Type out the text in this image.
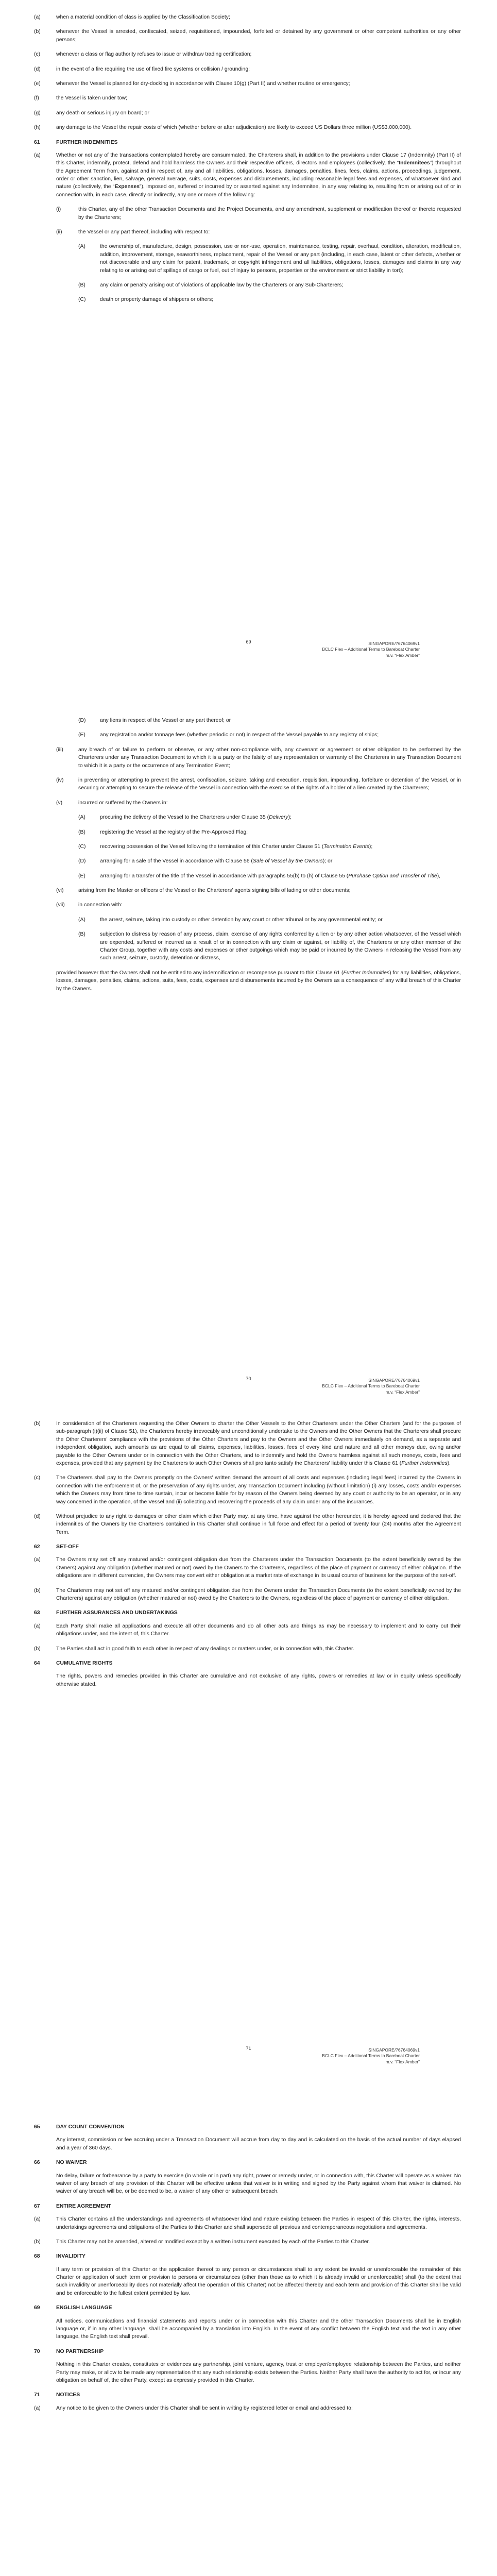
(a)	when a material condition of class is applied by the Classification Society;
(b)	whenever the Vessel is arrested, confiscated, seized, requisitioned, impounded, forfeited or detained by any government or other competent authorities or any other persons;
(c)	whenever a class or flag authority refuses to issue or withdraw trading certification;
(d)	in the event of a fire requiring the use of fixed fire systems or collision / grounding;
(e)	whenever the Vessel is planned for dry-docking in accordance with Clause 10(g) (Part II) and whether routine or emergency;
(f)	the Vessel is taken under tow;
(g)	any death or serious injury on board; or
(h)	any damage to the Vessel the repair costs of which (whether before or after adjudication) are likely to exceed US Dollars three million (US$3,000,000).
61	FURTHER INDEMNITIES
(a)	Whether or not any of the transactions contemplated hereby are consummated, the Charterers shall, in addition to the provisions under Clause 17 (Indemnity) (Part II) of this Charter, indemnify, protect, defend and hold harmless the Owners and their respective officers, directors and employees (collectively, the “Indemnitees”) throughout the Agreement Term from, against and in respect of, any and all liabilities, obligations, losses, damages, penalties, fines, fees, claims, actions, proceedings, judgement, order or other sanction, lien, salvage, general average, suits, costs, expenses and disbursements, including reasonable legal fees and expenses, of whatsoever kind and nature (collectively, the “Expenses”), imposed on, suffered or incurred by or asserted against any Indemnitee, in any way relating to, resulting from or arising out of or in connection with, in each case, directly or indirectly, any one or more of the following:
(i)	this Charter, any of the other Transaction Documents and the Project Documents, and any amendment, supplement or modification thereof or thereto requested by the Charterers;
(ii)	the Vessel or any part thereof, including with respect to:
(A)	the ownership of, manufacture, design, possession, use or non-use, operation, maintenance, testing, repair, overhaul, condition, alteration, modification, addition, improvement, storage, seaworthiness, replacement, repair of the Vessel or any part (including, in each case, latent or other defects, whether or not discoverable and any claim for patent, trademark, or copyright infringement and all liabilities, obligations, losses, damages and claims in any way relating to or arising out of spillage of cargo or fuel, out of injury to persons, properties or the environment or strict liability in tort);
(B)	any claim or penalty arising out of violations of applicable law by the Charterers or any Sub-Charterers;
(C)	death or property damage of shippers or others;
69	SINGAPORE/76764069v1
BCLC Flex – Additional Terms to Bareboat Charter
m.v. “Flex Amber”
(D)	any liens in respect of the Vessel or any part thereof; or
(E)	any registration and/or tonnage fees (whether periodic or not) in respect of the Vessel payable to any registry of ships;
(iii)	any breach of or failure to perform or observe, or any other non-compliance with, any covenant or agreement or other obligation to be performed by the Charterers under any Transaction Document to which it is a party or the falsity of any representation or warranty of the Charterers in any Transaction Document to which it is a party or the occurrence of any Termination Event;
(iv)	in preventing or attempting to prevent the arrest, confiscation, seizure, taking and execution, requisition, impounding, forfeiture or detention of the Vessel, or in securing or attempting to secure the release of the Vessel in connection with the exercise of the rights of a holder of a lien created by the Charterers;
(v)	incurred or suffered by the Owners in:
(A)	procuring the delivery of the Vessel to the Charterers under Clause 35 (Delivery);
(B)	registering the Vessel at the registry of the Pre-Approved Flag;
(C)	recovering possession of the Vessel following the termination of this Charter under Clause 51 (Termination Events);
(D)	arranging for a sale of the Vessel in accordance with Clause 56 (Sale of Vessel by the Owners); or
(E)	arranging for a transfer of the title of the Vessel in accordance with paragraphs 55(b) to (h) of Clause 55 (Purchase Option and Transfer of Title),
(vi)	arising from the Master or officers of the Vessel or the Charterers' agents signing bills of lading or other documents;
(vii)	in connection with:
(A)	the arrest, seizure, taking into custody or other detention by any court or other tribunal or by any governmental entity; or
(B)	subjection to distress by reason of any process, claim, exercise of any rights conferred by a lien or by any other action whatsoever, of the Vessel which are expended, suffered or incurred as a result of or in connection with any claim or against, or liability of, the Charterers or any other member of the Charter Group, together with any costs and expenses or other outgoings which may be paid or incurred by the Owners in releasing the Vessel from any such arrest, seizure, custody, detention or distress,
provided however that the Owners shall not be entitled to any indemnification or recompense pursuant to this Clause 61 (Further Indemnities) for any liabilities, obligations, losses, damages, penalties, claims, actions, suits, fees, costs, expenses and disbursements incurred by the Owners as a consequence of any wilful breach of this Charter by the Owners.
70	SINGAPORE/76764069v1
BCLC Flex – Additional Terms to Bareboat Charter
m.v. “Flex Amber”
(b)	In consideration of the Charterers requesting the Other Owners to charter the Other Vessels to the Other Charterers under the Other Charters (and for the purposes of sub-paragraph (i)(ii) of Clause 51), the Charterers hereby irrevocably and unconditionally undertake to the Owners and the Other Owners that the Charterers shall procure the Other Charterers' compliance with the provisions of the Other Charters and pay to the Owners and the Other Owners immediately on demand, as a separate and independent obligation, such amounts as are equal to all claims, expenses, liabilities, losses, fees of every kind and nature and all other moneys due, owing and/or payable to the Other Owners under or in connection with the Other Charters, and to indemnify and hold the Owners harmless against all such moneys, costs, fees and expenses, provided that any payment by the Charterers to such Other Owners shall pro tanto satisfy the Charterers' liability under this Clause 61 (Further Indemnities).
(c)	The Charterers shall pay to the Owners promptly on the Owners' written demand the amount of all costs and expenses (including legal fees) incurred by the Owners in connection with the enforcement of, or the preservation of any rights under, any Transaction Document including (without limitation) (i) any losses, costs and/or expenses which the Owners may from time to time sustain, incur or become liable for by reason of the Owners being deemed by any court or authority to be an operator, or in any way concerned in the operation, of the Vessel and (ii) collecting and recovering the proceeds of any claim under any of the insurances.
(d)	Without prejudice to any right to damages or other claim which either Party may, at any time, have against the other hereunder, it is hereby agreed and declared that the indemnities of the Owners by the Charterers contained in this Charter shall continue in full force and effect for a period of twenty four (24) months after the Agreement Term.
62	SET-OFF
(a)	The Owners may set off any matured and/or contingent obligation due from the Charterers under the Transaction Documents (to the extent beneficially owned by the Owners) against any obligation (whether matured or not) owed by the Owners to the Charterers, regardless of the place of payment or currency of either obligation. If the obligations are in different currencies, the Owners may convert either obligation at a market rate of exchange in its usual course of business for the purpose of the set-off.
(b)	The Charterers may not set off any matured and/or contingent obligation due from the Owners under the Transaction Documents (to the extent beneficially owned by the Charterers) against any obligation (whether matured or not) owed by the Charterers to the Owners, regardless of the place of payment or currency of either obligation.
63	FURTHER ASSURANCES AND UNDERTAKINGS
(a)	Each Party shall make all applications and execute all other documents and do all other acts and things as may be necessary to implement and to carry out their obligations under, and the intent of, this Charter.
(b)	The Parties shall act in good faith to each other in respect of any dealings or matters under, or in connection with, this Charter.
64	CUMULATIVE RIGHTS
The rights, powers and remedies provided in this Charter are cumulative and not exclusive of any rights, powers or remedies at law or in equity unless specifically otherwise stated.
71	SINGAPORE/76764069v1
BCLC Flex – Additional Terms to Bareboat Charter
m.v. “Flex Amber”
65	DAY COUNT CONVENTION
Any interest, commission or fee accruing under a Transaction Document will accrue from day to day and is calculated on the basis of the actual number of days elapsed and a year of 360 days.
66	NO WAIVER
No delay, failure or forbearance by a party to exercise (in whole or in part) any right, power or remedy under, or in connection with, this Charter will operate as a waiver. No waiver of any breach of any provision of this Charter will be effective unless that waiver is in writing and signed by the Party against whom that waiver is claimed. No waiver of any breach will be, or be deemed to be, a waiver of any other or subsequent breach.
67	ENTIRE AGREEMENT
(a)	This Charter contains all the understandings and agreements of whatsoever kind and nature existing between the Parties in respect of this Charter, the rights, interests, undertakings agreements and obligations of the Parties to this Charter and shall supersede all previous and contemporaneous negotiations and agreements.
(b)	This Charter may not be amended, altered or modified except by a written instrument executed by each of the Parties to this Charter.
68	INVALIDITY
If any term or provision of this Charter or the application thereof to any person or circumstances shall to any extent be invalid or unenforceable the remainder of this Charter or application of such term or provision to persons or circumstances (other than those as to which it is already invalid or unenforceable) shall (to the extent that such invalidity or unenforceability does not materially affect the operation of this Charter) not be affected thereby and each term and provision of this Charter shall be valid and be enforceable to the fullest extent permitted by law.
69	ENGLISH LANGUAGE
All notices, communications and financial statements and reports under or in connection with this Charter and the other Transaction Documents shall be in English language or, if in any other language, shall be accompanied by a translation into English. In the event of any conflict between the English text and the text in any other language, the English text shall prevail.
70	NO PARTNERSHIP
Nothing in this Charter creates, constitutes or evidences any partnership, joint venture, agency, trust or employer/employee relationship between the Parties, and neither Party may make, or allow to be made any representation that any such relationship exists between the Parties. Neither Party shall have the authority to act for, or incur any obligation on behalf of, the other Party, except as expressly provided in this Charter.
71	NOTICES
(a)	Any notice to be given to the Owners under this Charter shall be sent in writing by registered letter or email and addressed to:
